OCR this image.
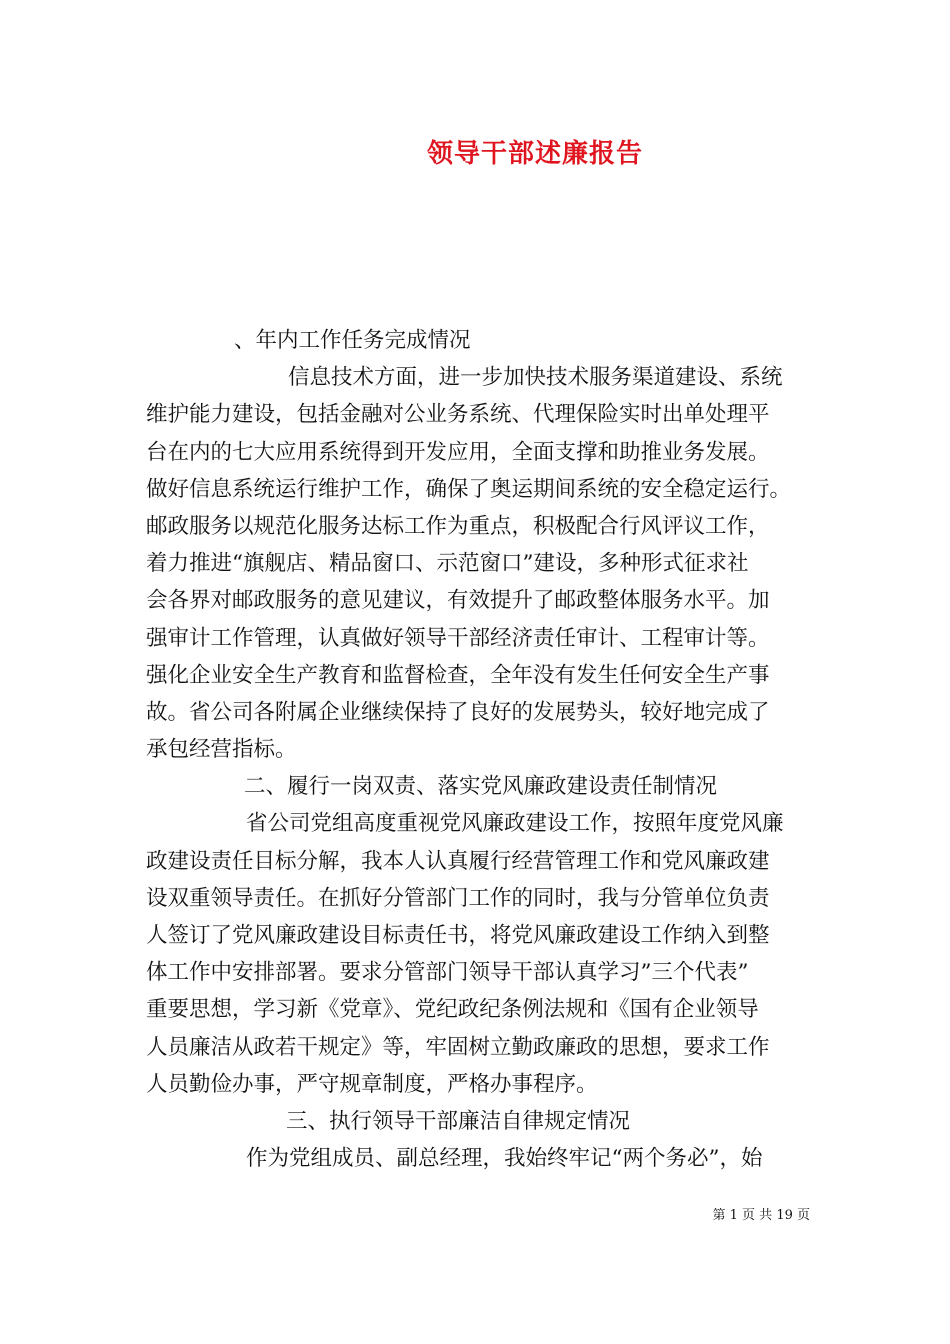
领导干部述廉报告
、年内工作任务完成情况
信息技术方面，进一步加快技术服务渠道建设、系统
维护能力建设，包括金融对公业务系统、代理保险实时出单处理平
台在内的七大应用系统得到开发应用，全面支撑和助推业务发展。
做好信息系统运行维护工作，确保了奥运期间系统的安全稳定运行。
邮政服务以规范化服务达标工作为重点，积极配合行风评议工作，
着力推进“旗舰店、精品窗口、示范窗口”建设，多种形式征求社
会各界对邮政服务的意见建议，有效提升了邮政整体服务水平。加
强审计工作管理，认真做好领导干部经济责任审计、工程审计等。
强化企业安全生产教育和监督检查，全年没有发生任何安全生产事
故。省公司各附属企业继续保持了良好的发展势头，较好地完成了
承包经营指标。
二、履行一岗双责、落实党风廉政建设责任制情况
省公司党组高度重视党风廉政建设工作，按照年度党风廉
政建设责任目标分解，我本人认真履行经营管理工作和党风廉政建
设双重领导责任。在抓好分管部门工作的同时，我与分管单位负责
人签订了党风廉政建设目标责任书，将党风廉政建设工作纳入到整
体工作中安排部署。要求分管部门领导干部认真学习”三个代表”
重要思想，学习新《党章》、党纪政纪条例法规和《国有企业领导
人员廉洁从政若干规定》等，牢固树立勤政廉政的思想，要求工作
人员勤俭办事，严守规章制度，严格办事程序。
三、执行领导干部廉洁自律规定情况
作为党组成员、副总经理，我始终牢记“两个务必”，始
第 1 页 共 19 页
